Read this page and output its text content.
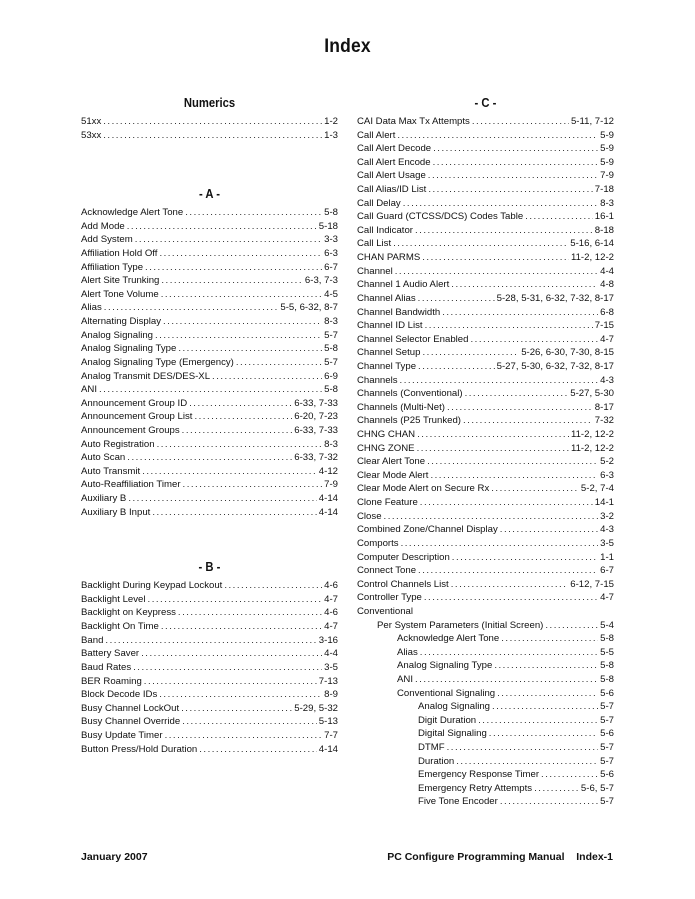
Index
Numerics
51xx .....	1-2
53xx .....	1-3
- A -
Acknowledge Alert Tone .....	5-8
Add Mode .....	5-18
Add System .....	3-3
Affiliation Hold Off .....	6-3
Affiliation Type .....	6-7
Alert Site Trunking .....	6-3, 7-3
Alert Tone Volume .....	4-5
Alias .....	5-5, 6-32, 8-7
Alternating Display .....	8-3
Analog Signaling .....	5-7
Analog Signaling Type .....	5-8
Analog Signaling Type (Emergency) .....	5-7
Analog Transmit DES/DES-XL .....	6-9
ANI .....	5-8
Announcement Group ID .....	6-33, 7-33
Announcement Group List .....	6-20, 7-23
Announcement Groups .....	6-33, 7-33
Auto Registration .....	8-3
Auto Scan .....	6-33, 7-32
Auto Transmit .....	4-12
Auto-Reaffiliation Timer .....	7-9
Auxiliary B .....	4-14
Auxiliary B Input .....	4-14
- B -
Backlight During Keypad Lockout .....	4-6
Backlight Level .....	4-7
Backlight on Keypress .....	4-6
Backlight On Time .....	4-7
Band .....	3-16
Battery Saver .....	4-4
Baud Rates .....	3-5
BER Roaming .....	7-13
Block Decode IDs .....	8-9
Busy Channel LockOut .....	5-29, 5-32
Busy Channel Override .....	5-13
Busy Update Timer .....	7-7
Button Press/Hold Duration .....	4-14
- C -
CAI Data Max Tx Attempts .....	5-11, 7-12
Call Alert .....	5-9
Call Alert Decode .....	5-9
Call Alert Encode .....	5-9
Call Alert Usage .....	7-9
Call Alias/ID List .....	7-18
Call Delay .....	8-3
Call Guard (CTCSS/DCS) Codes Table .....	16-1
Call Indicator .....	8-18
Call List .....	5-16, 6-14
CHAN PARMS .....	11-2, 12-2
Channel .....	4-4
Channel 1 Audio Alert .....	4-8
Channel Alias .....	5-28, 5-31, 6-32, 7-32, 8-17
Channel Bandwidth .....	6-8
Channel ID List .....	7-15
Channel Selector Enabled .....	4-7
Channel Setup .....	5-26, 6-30, 7-30, 8-15
Channel Type .....	5-27, 5-30, 6-32, 7-32, 8-17
Channels .....	4-3
Channels (Conventional) .....	5-27, 5-30
Channels (Multi-Net) .....	8-17
Channels (P25 Trunked) .....	7-32
CHNG CHAN .....	11-2, 12-2
CHNG ZONE .....	11-2, 12-2
Clear Alert Tone .....	5-2
Clear Mode Alert .....	6-3
Clear Mode Alert on Secure Rx .....	5-2, 7-4
Clone Feature .....	14-1
Close .....	3-2
Combined Zone/Channel Display .....	4-3
Comports .....	3-5
Computer Description .....	1-1
Connect Tone .....	6-7
Control Channels List .....	6-12, 7-15
Controller Type .....	4-7
Conventional
Per System Parameters (Initial Screen) .....	5-4
Acknowledge Alert Tone .....	5-8
Alias .....	5-5
Analog Signaling Type .....	5-8
ANI .....	5-8
Conventional Signaling .....	5-6
Analog Signaling .....	5-7
Digit Duration .....	5-7
Digital Signaling .....	5-6
DTMF .....	5-7
Duration .....	5-7
Emergency Response Timer .....	5-6
Emergency Retry Attempts .....	5-6, 5-7
Five Tone Encoder .....	5-7
January 2007	PC Configure Programming Manual    Index-1
